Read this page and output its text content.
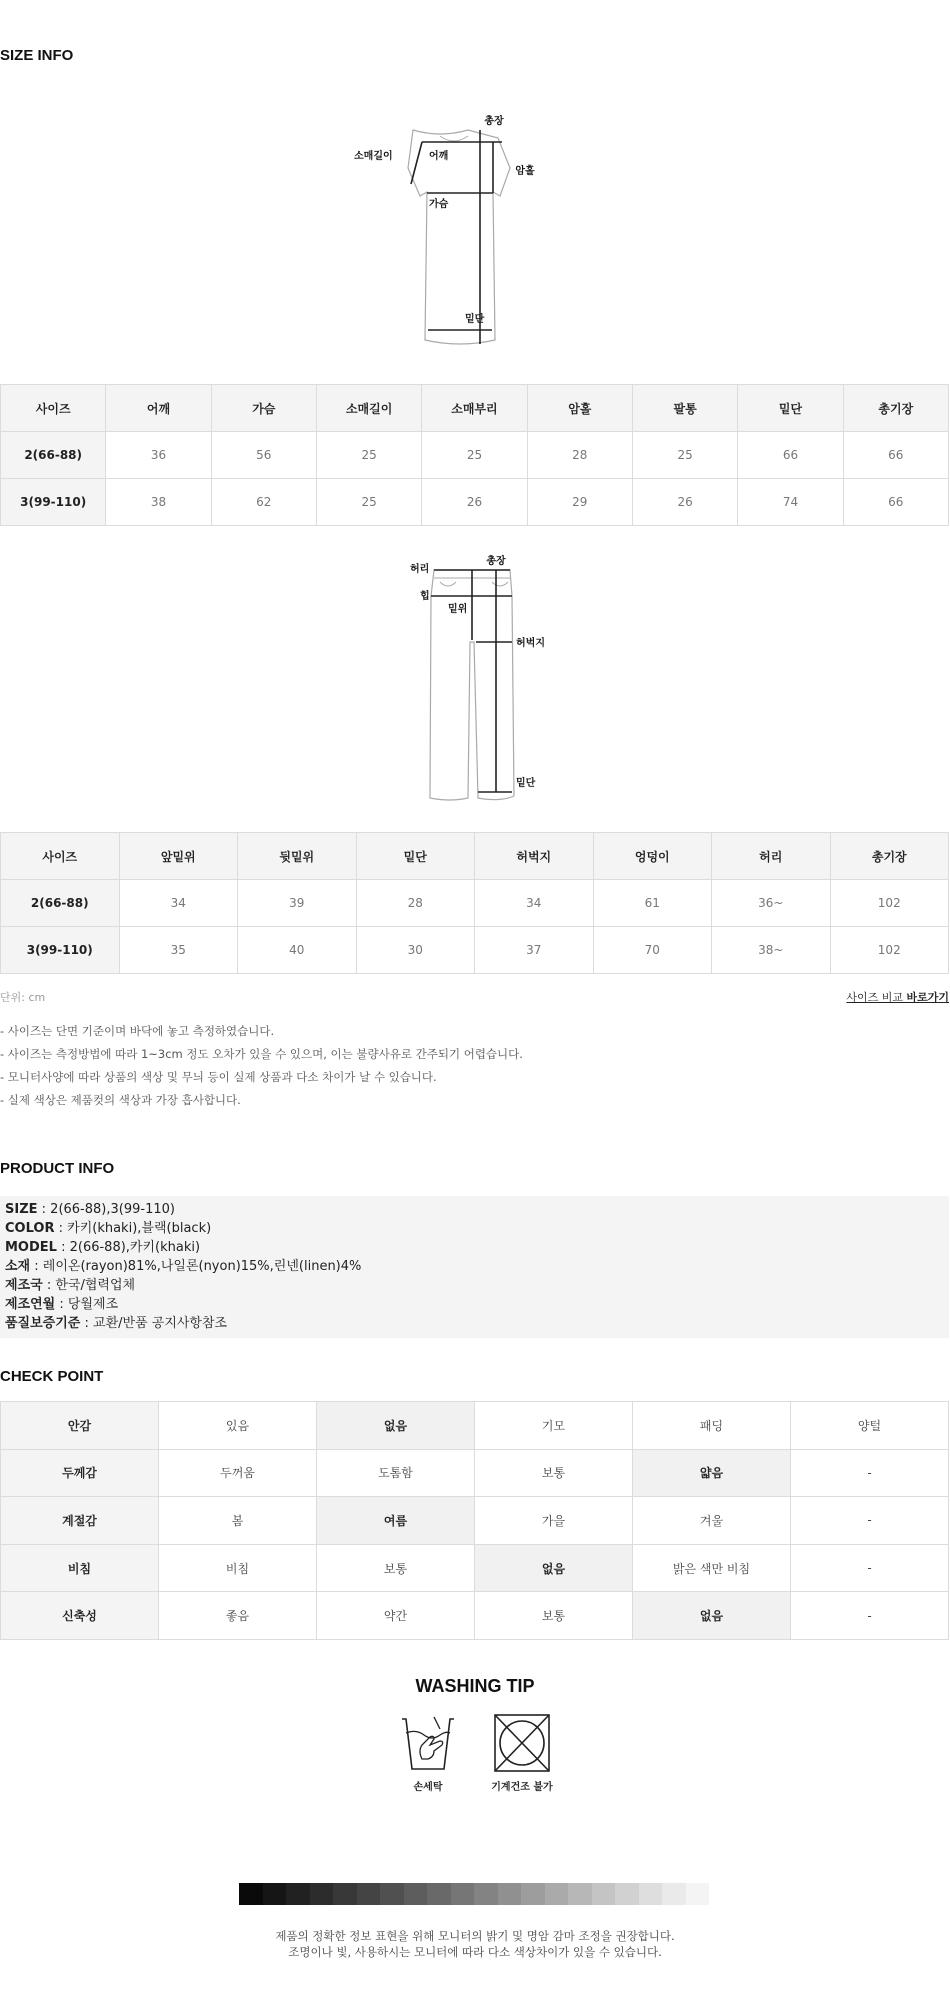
SIZE INFO
총장
소매길이	어깨
암홀
가슴
밑단
사이즈	어깨	가슴	소매길이	소매부리	암홀	팔통	밑단	총기장
2(66-88)	36	56	25	25	28	25	66	66
3(99-110)	38	62	25	26	29	26	74	66
허리
총장
힙
밑위
허벅지
밑단
사이즈	앞밑위	뒷밑위	밑단	허벅지	엉덩이	허리	총기장
2(66-88)	34	39	28	34	61	36~	102
3(99-110)	35	40	30	37	70	38~	102
단위: cm	사이즈 비교 바로가기
- 사이즈는 단면 기준이며 바닥에 놓고 측정하였습니다.
- 사이즈는 측정방법에 따라 1~3cm 정도 오차가 있을 수 있으며, 이는 불량사유로 간주되기 어렵습니다.
- 모니터사양에 따라 상품의 색상 및 무늬 등이 실제 상품과 다소 차이가 날 수 있습니다.
- 실제 색상은 제품컷의 색상과 가장 흡사합니다.
PRODUCT INFO
SIZE : 2(66-88),3(99-110)
COLOR : 카키(khaki),블랙(black)
MODEL : 2(66-88),카키(khaki)
소재 : 레이온(rayon)81%,나일론(nyon)15%,린넨(linen)4%
제조국 : 한국/협력업체
제조연월 : 당월제조
품질보증기준 : 교환/반품 공지사항참조
CHECK POINT
안감	있음	없음	기모	패딩	양털
두께감	두꺼움	도톰함	보통	얇음	-
계절감	봄	여름	가을	겨울	-
비침	비침	보통	없음	밝은 색만 비침	-
신축성	좋음	약간	보통	없음	-
WASHING TIP
손세탁	기계건조 불가
제품의 정확한 정보 표현을 위해 모니터의 밝기 및 명암 감마 조정을 권장합니다.
조명이나 빛, 사용하시는 모니터에 따라 다소 색상차이가 있을 수 있습니다.
